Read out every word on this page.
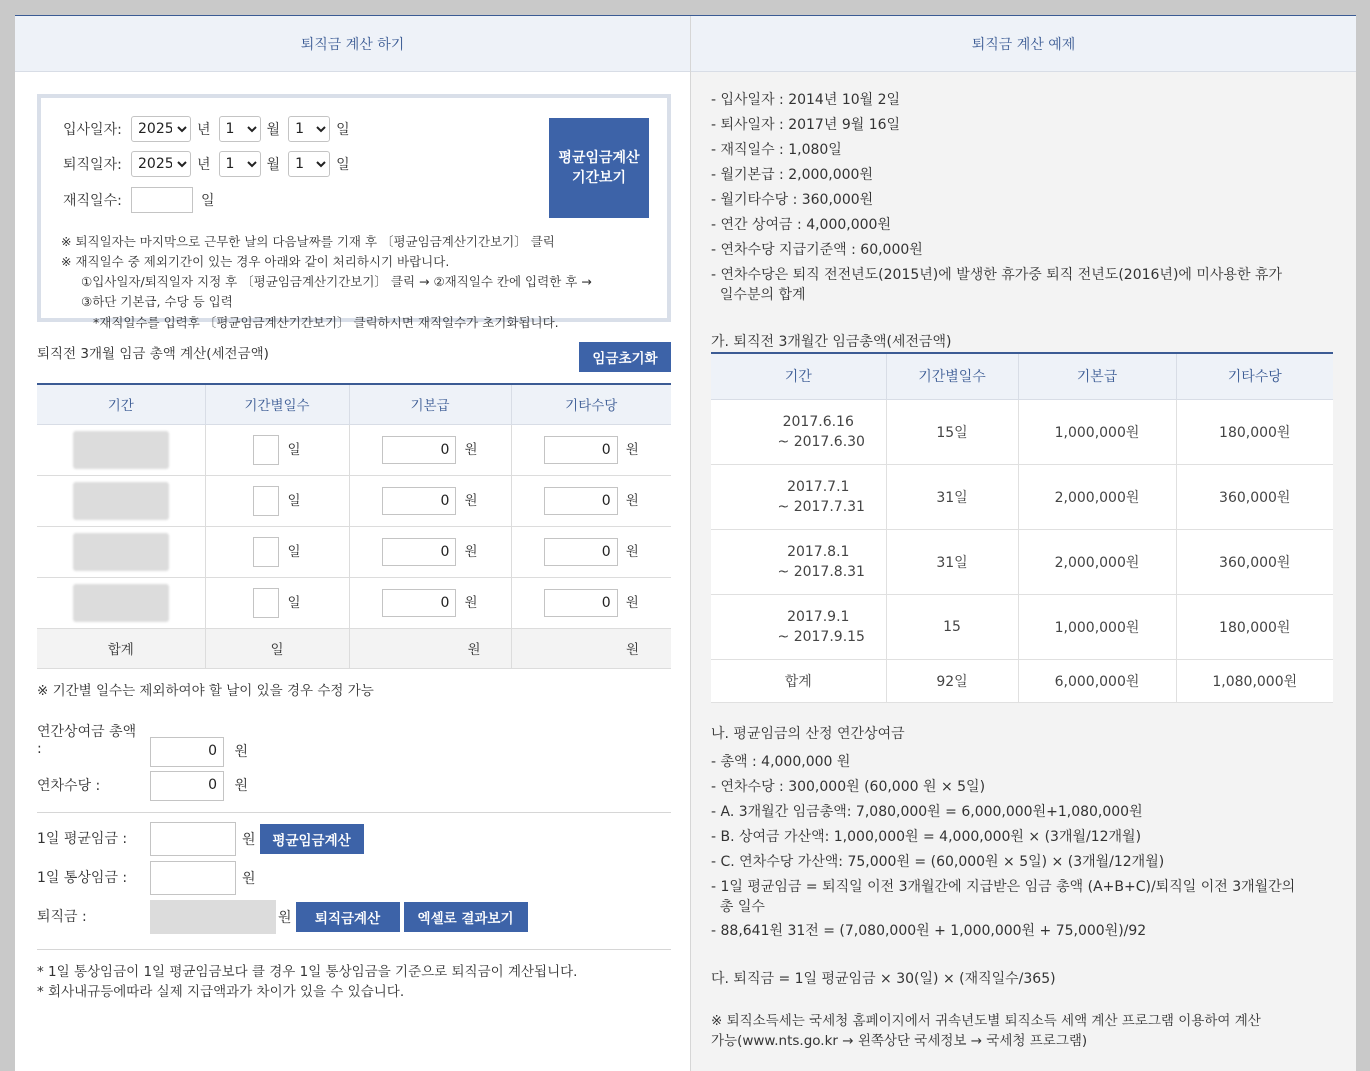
퇴직금 계산 하기
입사일자:
2025	년
1	월
1	일
퇴직일자:
2025	년
1	월
1	일
재직일수:	일
평균임금계산
기간보기
※ 퇴직일자는 마지막으로 근무한 날의 다음날짜를 기재 후 〔평균임금계산기간보기〕 클릭
※ 재직일수 중 제외기간이 있는 경우 아래와 같이 처리하시기 바랍니다.
①입사일자/퇴직일자 지정 후 〔평균임금계산기간보기〕 클릭 → ②재직일수 칸에 입력한 후 →
③하단 기본급, 수당 등 입력
*재직일수를 입력후 〔평균임금계산기간보기〕 클릭하시면 재직일수가 초기화됩니다.
퇴직전 3개월 임금 총액 계산(세전금액)	임금초기화
기간	기간별일수	기본급	기타수당
	일	0 원	0 원
	일	0 원	0 원
	일	0 원	0 원
	일	0 원	0 원
합계	일	원	원
※ 기간별 일수는 제외하여야 할 날이 있을 경우 수정 가능
연간상여금 총액
:	0 원
연차수당 :	0 원
1일 평균임금 :	원	평균임금계산
1일 통상임금 :	원
퇴직금 :	원	퇴직금계산	엑셀로 결과보기
* 1일 통상임금이 1일 평균임금보다 클 경우 1일 통상임금을 기준으로 퇴직금이 계산됩니다.
* 회사내규등에따라 실제 지급액과가 차이가 있을 수 있습니다.
퇴직금 계산 예제
- 입사일자 : 2014년 10월 2일
- 퇴사일자 : 2017년 9월 16일
- 재직일수 : 1,080일
- 월기본급 : 2,000,000원
- 월기타수당 : 360,000원
- 연간 상여금 : 4,000,000원
- 연차수당 지급기준액 : 60,000원
- 연차수당은 퇴직 전전년도(2015년)에 발생한 휴가중 퇴직 전년도(2016년)에 미사용한 휴가
일수분의 합계
가. 퇴직전 3개월간 임금총액(세전금액)
기간	기간별일수	기본급	기타수당

2017.6.16
~ 2017.6.30	15일	1,000,000원	180,000원

2017.7.1
~ 2017.7.31	31일	2,000,000원	360,000원

2017.8.1
~ 2017.8.31	31일	2,000,000원	360,000원

2017.9.1
~ 2017.9.15	15	1,000,000원	180,000원
합계	92일	6,000,000원	1,080,000원
나. 평균임금의 산정 연간상여금
- 총액 : 4,000,000 원
- 연차수당 : 300,000원 (60,000 원 × 5일)
- A. 3개월간 임금총액: 7,080,000원 = 6,000,000원+1,080,000원
- B. 상여금 가산액: 1,000,000원 = 4,000,000원 × (3개월/12개월)
- C. 연차수당 가산액: 75,000원 = (60,000원 × 5일) × (3개월/12개월)
- 1일 평균임금 = 퇴직일 이전 3개월간에 지급받은 임금 총액 (A+B+C)/퇴직일 이전 3개월간의
총 일수
- 88,641원 31전 = (7,080,000원 + 1,000,000원 + 75,000원)/92
다. 퇴직금 = 1일 평균임금 × 30(일) × (재직일수/365)
※ 퇴직소득세는 국세청 홈페이지에서 귀속년도별 퇴직소득 세액 계산 프로그램 이용하여 계산
가능(www.nts.go.kr → 왼쪽상단 국세정보 → 국세청 프로그램)
